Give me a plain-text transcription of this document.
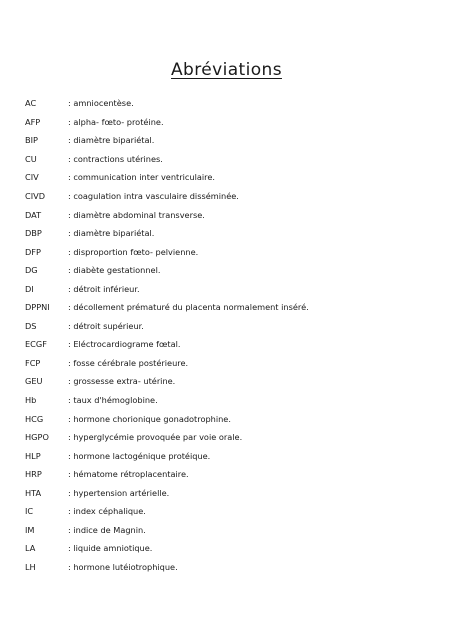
Abréviations
AC	: amniocentèse.
AFP	: alpha- fœto- protéine.
BIP	: diamètre bipariétal.
CU	: contractions utérines.
CIV	: communication inter ventriculaire.
CIVD	: coagulation intra vasculaire disséminée.
DAT	: diamètre abdominal transverse.
DBP	: diamètre bipariétal.
DFP	: disproportion fœto- pelvienne.
DG	: diabète gestationnel.
DI	: détroit inférieur.
DPPNI	: décollement prématuré du placenta normalement inséré.
DS	: détroit supérieur.
ECGF	: Eléctrocardiograme fœtal.
FCP	: fosse cérébrale postérieure.
GEU	: grossesse extra- utérine.
Hb	: taux d'hémoglobine.
HCG	: hormone chorionique gonadotrophine.
HGPO	: hyperglycémie provoquée par voie orale.
HLP	: hormone lactogénique protéique.
HRP	: hématome rétroplacentaire.
HTA	: hypertension artérielle.
IC	: index céphalique.
IM	: indice de Magnin.
LA	: liquide amniotique.
LH	: hormone lutéiotrophique.
